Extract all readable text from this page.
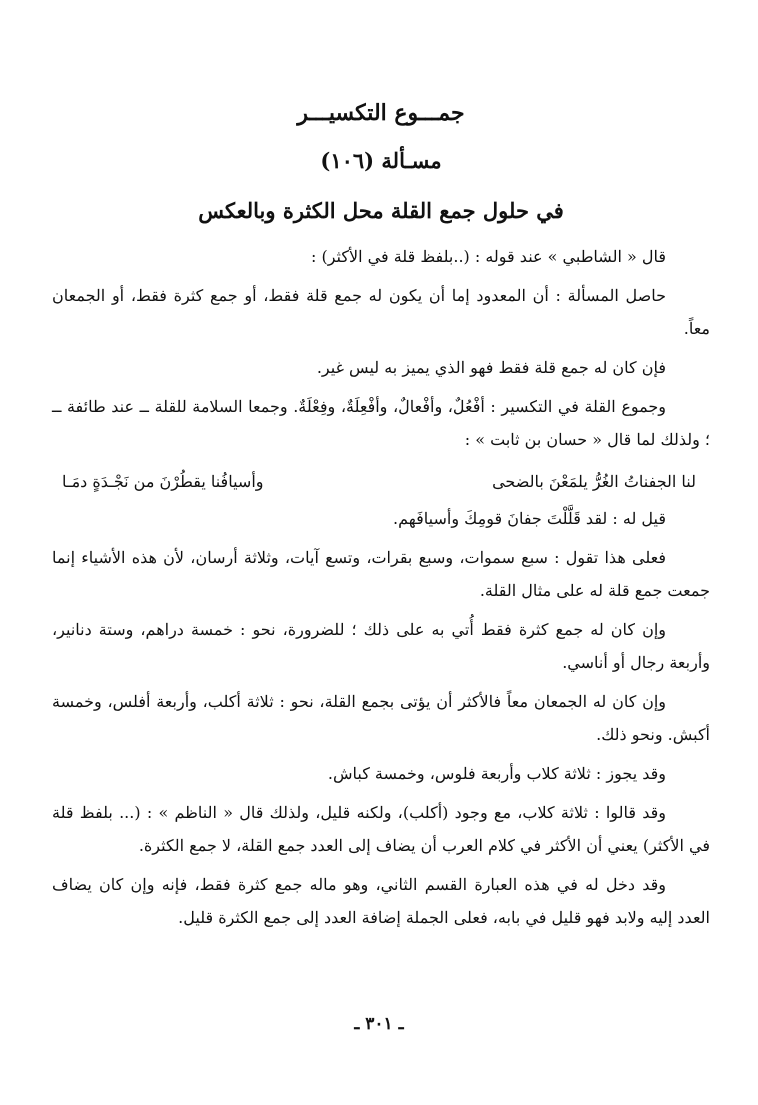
جمـــوع التكسيـــر
مسـألة (١٠٦)
في حلول جمع القلة محل الكثرة وبالعكس

قال « الشاطبي » عند قوله : (..بلفظ قلة في الأكثر) :

حاصل المسألة : أن المعدود إما أن يكون له جمع قلة فقط، أو جمع كثرة فقط، أو الجمعان معاً.

فإن كان له جمع قلة فقط فهو الذي يميز به ليس غير.

وجموع القلة في التكسير : أفْعُلٌ، وأفْعالٌ، وأفْعِلَةٌ، وفِعْلَةٌ. وجمعا السلامة للقلة ــ عند طائفة ــ ؛ ولذلك لما قال « حسان بن ثابت » :

لنا الجفناتُ الغُرُّ يلمَعْنَ بالضحى
وأسيافُنا يقطُرْنَ من نَجْـدَةٍ دمَـا

قيل له : لقد قَلَّلْتَ جفانَ قومِكَ وأسيافَهم.

فعلى هذا تقول : سبع سموات، وسبع بقرات، وتسع آيات، وثلاثة أرسان، لأن هذه الأشياء إنما جمعت جمع قلة له على مثال القلة.

وإن كان له جمع كثرة فقط أُتي به على ذلك ؛ للضرورة، نحو : خمسة دراهم، وستة دنانير، وأربعة رجال أو أناسي.

وإن كان له الجمعان معاً فالأكثر أن يؤتى بجمع القلة، نحو : ثلاثة أكلب، وأربعة أفلس، وخمسة أكبش. ونحو ذلك.

وقد يجوز : ثلاثة كلاب وأربعة فلوس، وخمسة كباش.

وقد قالوا : ثلاثة كلاب، مع وجود (أكلب)، ولكنه قليل، ولذلك قال « الناظم » : (... بلفظ قلة في الأكثر) يعني أن الأكثر في كلام العرب أن يضاف إلى العدد جمع القلة، لا جمع الكثرة.

وقد دخل له في هذه العبارة القسم الثاني، وهو ماله جمع كثرة فقط، فإنه وإن كان يضاف العدد إليه ولابد فهو قليل في بابه، فعلى الجملة إضافة العدد إلى جمع الكثرة قليل.

ـ ٣٠١ ـ
